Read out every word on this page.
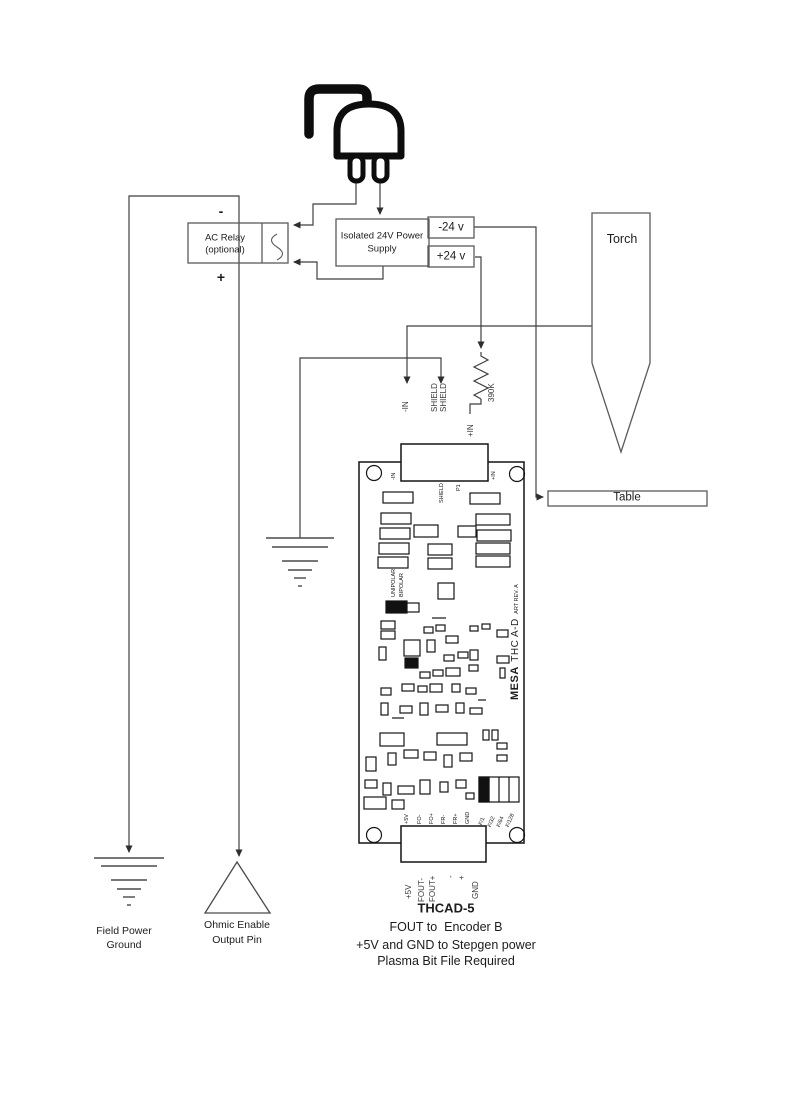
AC Relay
(optional)
-
+
Isolated 24V Power
Supply
-24 v
+24 v
Torch
Table
390K
-IN	SHIELD SHIELD
+IN
Field Power
Ground
Ohmic Enable
Output Pin
-IN	+IN
SHIELD P1
UNIPOLAR BIPOLAR
MESA THC A-D ART REV. A
+5V FO- FO+ FR- FR+ GND F/1 F/32 F/64 F/128
+5V FOUT- FOUT+ - +
GND
THCAD-5
FOUT to  Encoder B
+5V and GND to Stepgen power
Plasma Bit File Required
